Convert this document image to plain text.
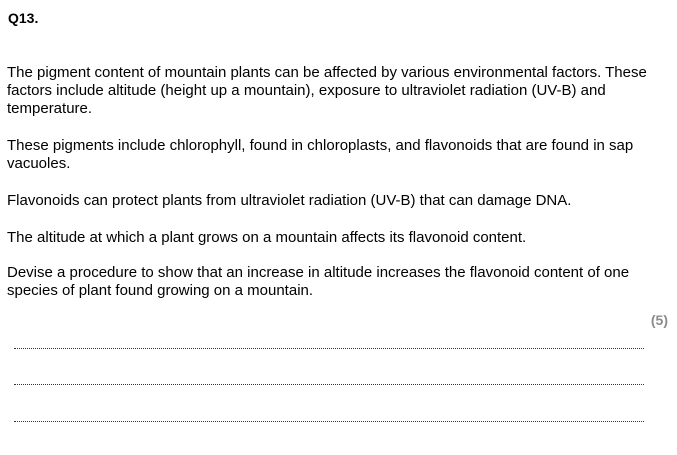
Q13.
The pigment content of mountain plants can be affected by various environmental factors. These factors include altitude (height up a mountain), exposure to ultraviolet radiation (UV-B) and temperature.
These pigments include chlorophyll, found in chloroplasts, and flavonoids that are found in sap vacuoles.
Flavonoids can protect plants from ultraviolet radiation (UV-B) that can damage DNA.
The altitude at which a plant grows on a mountain affects its flavonoid content.
Devise a procedure to show that an increase in altitude increases the flavonoid content of one species of plant found growing on a mountain.
(5)
